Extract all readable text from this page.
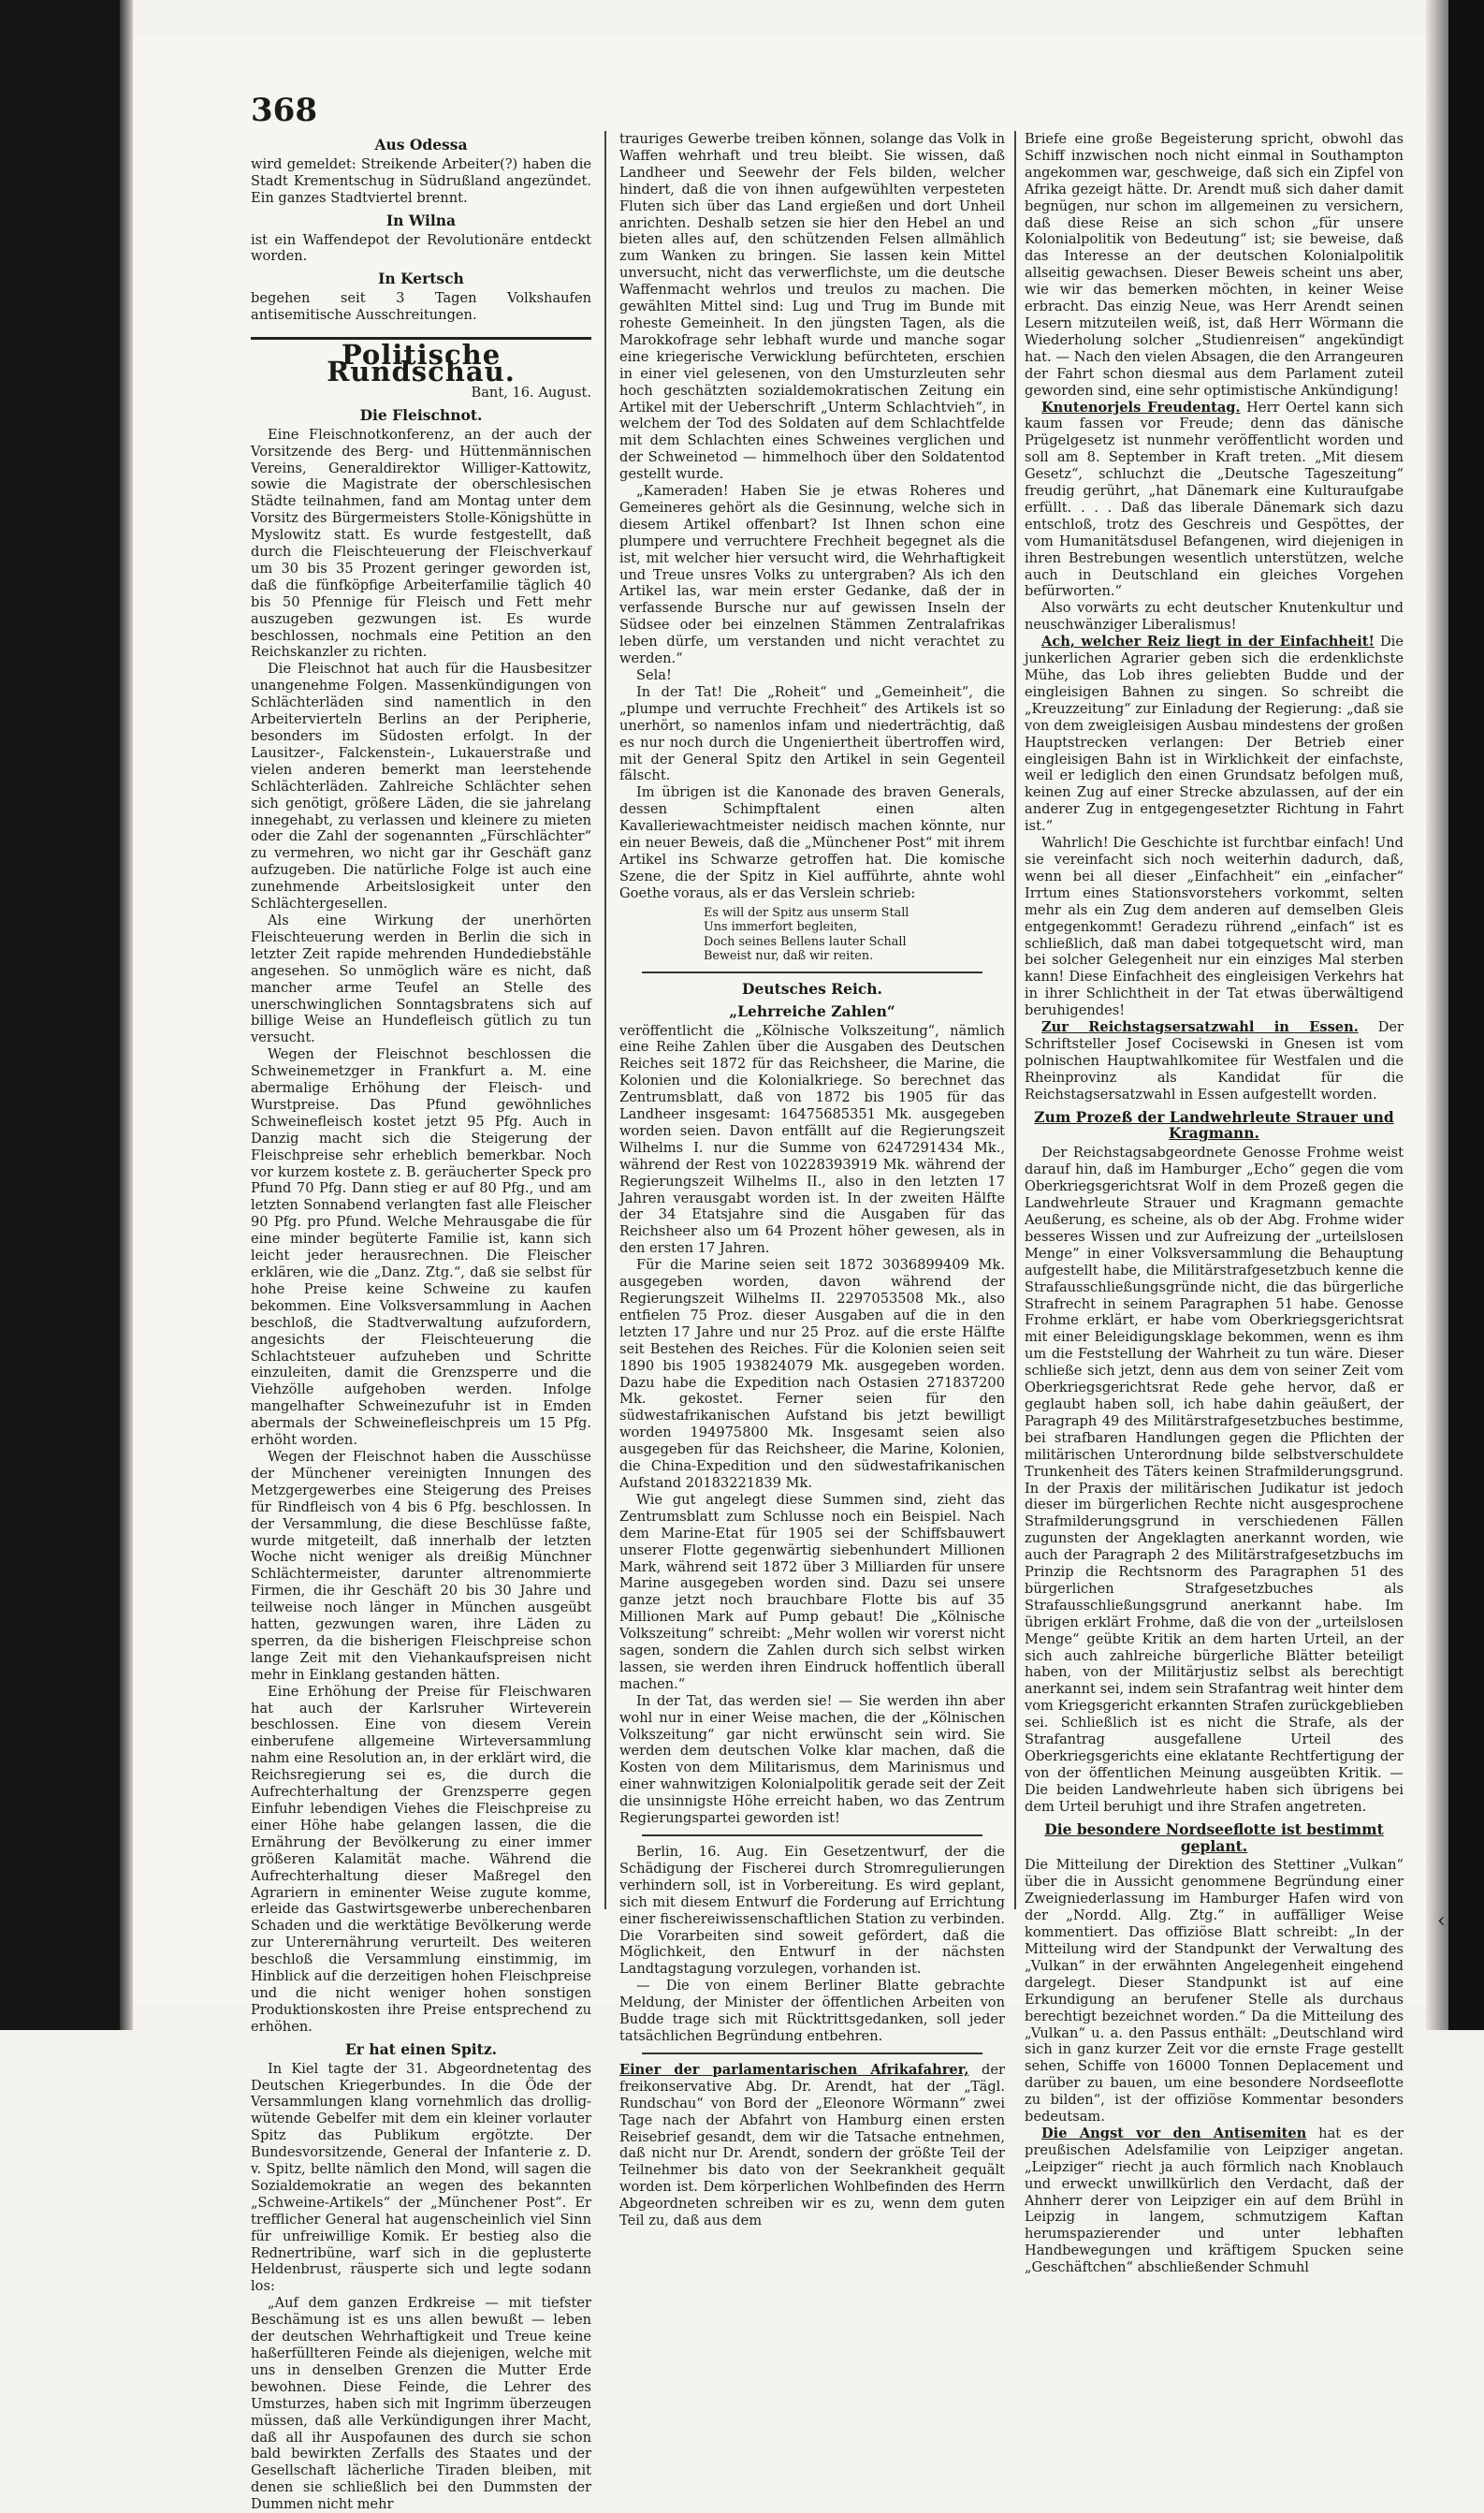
368
Aus Odessa

wird gemeldet: Streikende Arbeiter(?) haben die Stadt Krementschug in Südrußland angezündet. Ein ganzes Stadtviertel brennt.

In Wilna

ist ein Waffendepot der Revolutionäre entdeckt worden.

In Kertsch

begehen seit 3 Tagen Volkshaufen antisemitische Ausschreitungen.

Politische Rundschau.
Bant, 16. August.
Die Fleischnot.

Eine Fleischnotkonferenz, an der auch der Vorsitzende des Berg- und Hüttenmännischen Vereins, Generaldirektor Williger-Kattowitz, sowie die Magistrate der oberschlesischen Städte teilnahmen, fand am Montag unter dem Vorsitz des Bürgermeisters Stolle-Königshütte in Myslowitz statt. Es wurde festgestellt, daß durch die Fleischteuerung der Fleischverkauf um 30 bis 35 Prozent geringer geworden ist, daß die fünfköpfige Arbeiterfamilie täglich 40 bis 50 Pfennige für Fleisch und Fett mehr auszugeben gezwungen ist. Es wurde beschlossen, nochmals eine Petition an den Reichskanzler zu richten.

Die Fleischnot hat auch für die Hausbesitzer unangenehme Folgen. Massenkündigungen von Schlächterläden sind namentlich in den Arbeitervierteln Berlins an der Peripherie, besonders im Südosten erfolgt. In der Lausitzer-, Falckenstein-, Lukauerstraße und vielen anderen bemerkt man leerstehende Schlächterläden. Zahlreiche Schlächter sehen sich genötigt, größere Läden, die sie jahrelang innegehabt, zu verlassen und kleinere zu mieten oder die Zahl der sogenannten „Fürschlächter“ zu vermehren, wo nicht gar ihr Geschäft ganz aufzugeben. Die natürliche Folge ist auch eine zunehmende Arbeitslosigkeit unter den Schlächtergesellen.

Als eine Wirkung der unerhörten Fleischteuerung werden in Berlin die sich in letzter Zeit rapide mehrenden Hundediebstähle angesehen. So unmöglich wäre es nicht, daß mancher arme Teufel an Stelle des unerschwinglichen Sonntagsbratens sich auf billige Weise an Hundefleisch gütlich zu tun versucht.

Wegen der Fleischnot beschlossen die Schweinemetzger in Frankfurt a. M. eine abermalige Erhöhung der Fleisch- und Wurstpreise. Das Pfund gewöhnliches Schweinefleisch kostet jetzt 95 Pfg. Auch in Danzig macht sich die Steigerung der Fleischpreise sehr erheblich bemerkbar. Noch vor kurzem kostete z. B. geräucherter Speck pro Pfund 70 Pfg. Dann stieg er auf 80 Pfg., und am letzten Sonnabend verlangten fast alle Fleischer 90 Pfg. pro Pfund. Welche Mehrausgabe die für eine minder begüterte Familie ist, kann sich leicht jeder herausrechnen. Die Fleischer erklären, wie die „Danz. Ztg.“, daß sie selbst für hohe Preise keine Schweine zu kaufen bekommen. Eine Volksversammlung in Aachen beschloß, die Stadtverwaltung aufzufordern, angesichts der Fleischteuerung die Schlachtsteuer aufzuheben und Schritte einzuleiten, damit die Grenzsperre und die Viehzölle aufgehoben werden. Infolge mangelhafter Schweinezufuhr ist in Emden abermals der Schweinefleischpreis um 15 Pfg. erhöht worden.

Wegen der Fleischnot haben die Ausschüsse der Münchener vereinigten Innungen des Metzgergewerbes eine Steigerung des Preises für Rindfleisch von 4 bis 6 Pfg. beschlossen. In der Versammlung, die diese Beschlüsse faßte, wurde mitgeteilt, daß innerhalb der letzten Woche nicht weniger als dreißig Münchner Schlächtermeister, darunter altrenommierte Firmen, die ihr Geschäft 20 bis 30 Jahre und teilweise noch länger in München ausgeübt hatten, gezwungen waren, ihre Läden zu sperren, da die bisherigen Fleischpreise schon lange Zeit mit den Viehankaufspreisen nicht mehr in Einklang gestanden hätten.

Eine Erhöhung der Preise für Fleischwaren hat auch der Karlsruher Wirteverein beschlossen. Eine von diesem Verein einberufene allgemeine Wirteversammlung nahm eine Resolution an, in der erklärt wird, die Reichsregierung sei es, die durch die Aufrechterhaltung der Grenzsperre gegen Einfuhr lebendigen Viehes die Fleischpreise zu einer Höhe habe gelangen lassen, die die Ernährung der Bevölkerung zu einer immer größeren Kalamität mache. Während die Aufrechterhaltung dieser Maßregel den Agrariern in eminenter Weise zugute komme, erleide das Gastwirtsgewerbe unberechenbaren Schaden und die werktätige Bevölkerung werde zur Unterernährung verurteilt. Des weiteren beschloß die Versammlung einstimmig, im Hinblick auf die derzeitigen hohen Fleischpreise und die nicht weniger hohen sonstigen Produktionskosten ihre Preise entsprechend zu erhöhen.

Er hat einen Spitz.

In Kiel tagte der 31. Abgeordnetentag des Deutschen Kriegerbundes. In die Öde der Versammlungen klang vornehmlich das drollig-wütende Gebelfer mit dem ein kleiner vorlauter Spitz das Publikum ergötzte. Der Bundesvorsitzende, General der Infanterie z. D. v. Spitz, bellte nämlich den Mond, will sagen die Sozialdemokratie an wegen des bekannten „Schweine-Artikels“ der „Münchener Post“. Er trefflicher General hat augenscheinlich viel Sinn für unfreiwillige Komik. Er bestieg also die Rednertribüne, warf sich in die geplusterte Heldenbrust, räusperte sich und legte sodann los:

„Auf dem ganzen Erdkreise — mit tiefster Beschämung ist es uns allen bewußt — leben der deutschen Wehrhaftigkeit und Treue keine haßerfüllteren Feinde als diejenigen, welche mit uns in denselben Grenzen die Mutter Erde bewohnen. Diese Feinde, die Lehrer des Umsturzes, haben sich mit Ingrimm überzeugen müssen, daß alle Verkündigungen ihrer Macht, daß all ihr Auspofaunen des durch sie schon bald bewirkten Zerfalls des Staates und der Gesellschaft lächerliche Tiraden bleiben, mit denen sie schließlich bei den Dummsten der Dummen nicht mehr

trauriges Gewerbe treiben können, solange das Volk in Waffen wehrhaft und treu bleibt. Sie wissen, daß Landheer und Seewehr der Fels bilden, welcher hindert, daß die von ihnen aufgewühlten verpesteten Fluten sich über das Land ergießen und dort Unheil anrichten. Deshalb setzen sie hier den Hebel an und bieten alles auf, den schützenden Felsen allmählich zum Wanken zu bringen. Sie lassen kein Mittel unversucht, nicht das verwerflichste, um die deutsche Waffenmacht wehrlos und treulos zu machen. Die gewählten Mittel sind: Lug und Trug im Bunde mit roheste Gemeinheit. In den jüngsten Tagen, als die Marokkofrage sehr lebhaft wurde und manche sogar eine kriegerische Verwicklung befürchteten, erschien in einer viel gelesenen, von den Umsturzleuten sehr hoch geschätzten sozialdemokratischen Zeitung ein Artikel mit der Ueberschrift „Unterm Schlachtvieh“, in welchem der Tod des Soldaten auf dem Schlachtfelde mit dem Schlachten eines Schweines verglichen und der Schweinetod — himmelhoch über den Soldatentod gestellt wurde.

„Kameraden! Haben Sie je etwas Roheres und Gemeineres gehört als die Gesinnung, welche sich in diesem Artikel offenbart? Ist Ihnen schon eine plumpere und verruchtere Frechheit begegnet als die ist, mit welcher hier versucht wird, die Wehrhaftigkeit und Treue unsres Volks zu untergraben? Als ich den Artikel las, war mein erster Gedanke, daß der in verfassende Bursche nur auf gewissen Inseln der Südsee oder bei einzelnen Stämmen Zentralafrikas leben dürfe, um verstanden und nicht verachtet zu werden.“

Sela!

In der Tat! Die „Roheit“ und „Gemeinheit“, die „plumpe und verruchte Frechheit“ des Artikels ist so unerhört, so namenlos infam und niederträchtig, daß es nur noch durch die Ungeniertheit übertroffen wird, mit der General Spitz den Artikel in sein Gegenteil fälscht.

Im übrigen ist die Kanonade des braven Generals, dessen Schimpftalent einen alten Kavalleriewachtmeister neidisch machen könnte, nur ein neuer Beweis, daß die „Münchener Post“ mit ihrem Artikel ins Schwarze getroffen hat. Die komische Szene, die der Spitz in Kiel aufführte, ahnte wohl Goethe voraus, als er das Verslein schrieb:

Es will der Spitz aus unserm Stall
Uns immerfort begleiten,
Doch seines Bellens lauter Schall
Beweist nur, daß wir reiten.
Deutsches Reich.
„Lehrreiche Zahlen“

veröffentlicht die „Kölnische Volkszeitung“, nämlich eine Reihe Zahlen über die Ausgaben des Deutschen Reiches seit 1872 für das Reichsheer, die Marine, die Kolonien und die Kolonialkriege. So berechnet das Zentrumsblatt, daß von 1872 bis 1905 für das Landheer insgesamt: 16475685351 Mk. ausgegeben worden seien. Davon entfällt auf die Regierungszeit Wilhelms I. nur die Summe von 6247291434 Mk., während der Rest von 10228393919 Mk. während der Regierungszeit Wilhelms II., also in den letzten 17 Jahren verausgabt worden ist. In der zweiten Hälfte der 34 Etatsjahre sind die Ausgaben für das Reichsheer also um 64 Prozent höher gewesen, als in den ersten 17 Jahren.

Für die Marine seien seit 1872 3036899409 Mk. ausgegeben worden, davon während der Regierungszeit Wilhelms II. 2297053508 Mk., also entfielen 75 Proz. dieser Ausgaben auf die in den letzten 17 Jahre und nur 25 Proz. auf die erste Hälfte seit Bestehen des Reiches. Für die Kolonien seien seit 1890 bis 1905 193824079 Mk. ausgegeben worden. Dazu habe die Expedition nach Ostasien 271837200 Mk. gekostet. Ferner seien für den südwestafrikanischen Aufstand bis jetzt bewilligt worden 194975800 Mk. Insgesamt seien also ausgegeben für das Reichsheer, die Marine, Kolonien, die China-Expedition und den südwestafrikanischen Aufstand 20183221839 Mk.

Wie gut angelegt diese Summen sind, zieht das Zentrumsblatt zum Schlusse noch ein Beispiel. Nach dem Marine-Etat für 1905 sei der Schiffsbauwert unserer Flotte gegenwärtig siebenhundert Millionen Mark, während seit 1872 über 3 Milliarden für unsere Marine ausgegeben worden sind. Dazu sei unsere ganze jetzt noch brauchbare Flotte bis auf 35 Millionen Mark auf Pump gebaut! Die „Kölnische Volkszeitung“ schreibt: „Mehr wollen wir vorerst nicht sagen, sondern die Zahlen durch sich selbst wirken lassen, sie werden ihren Eindruck hoffentlich überall machen.“

In der Tat, das werden sie! — Sie werden ihn aber wohl nur in einer Weise machen, die der „Kölnischen Volkszeitung“ gar nicht erwünscht sein wird. Sie werden dem deutschen Volke klar machen, daß die Kosten von dem Militarismus, dem Marinismus und einer wahnwitzigen Kolonialpolitik gerade seit der Zeit die unsinnigste Höhe erreicht haben, wo das Zentrum Regierungspartei geworden ist!

Berlin, 16. Aug. Ein Gesetzentwurf, der die Schädigung der Fischerei durch Stromregulierungen verhindern soll, ist in Vorbereitung. Es wird geplant, sich mit diesem Entwurf die Forderung auf Errichtung einer fischereiwissenschaftlichen Station zu verbinden. Die Vorarbeiten sind soweit gefördert, daß die Möglichkeit, den Entwurf in der nächsten Landtagstagung vorzulegen, vorhanden ist.

— Die von einem Berliner Blatte gebrachte Meldung, der Minister der öffentlichen Arbeiten von Budde trage sich mit Rücktrittsgedanken, soll jeder tatsächlichen Begründung entbehren.

Einer der parlamentarischen Afrikafahrer, der freikonservative Abg. Dr. Arendt, hat der „Tägl. Rundschau“ von Bord der „Eleonore Wörmann“ zwei Tage nach der Abfahrt von Hamburg einen ersten Reisebrief gesandt, dem wir die Tatsache entnehmen, daß nicht nur Dr. Arendt, sondern der größte Teil der Teilnehmer bis dato von der Seekrankheit gequält worden ist. Dem körperlichen Wohlbefinden des Herrn Abgeordneten schreiben wir es zu, wenn dem guten Teil zu, daß aus dem

Briefe eine große Begeisterung spricht, obwohl das Schiff inzwischen noch nicht einmal in Southampton angekommen war, geschweige, daß sich ein Zipfel von Afrika gezeigt hätte. Dr. Arendt muß sich daher damit begnügen, nur schon im allgemeinen zu versichern, daß diese Reise an sich schon „für unsere Kolonialpolitik von Bedeutung“ ist; sie beweise, daß das Interesse an der deutschen Kolonialpolitik allseitig gewachsen. Dieser Beweis scheint uns aber, wie wir das bemerken möchten, in keiner Weise erbracht. Das einzig Neue, was Herr Arendt seinen Lesern mitzuteilen weiß, ist, daß Herr Wörmann die Wiederholung solcher „Studienreisen“ angekündigt hat. — Nach den vielen Absagen, die den Arrangeuren der Fahrt schon diesmal aus dem Parlament zuteil geworden sind, eine sehr optimistische Ankündigung!

Knutenorjels Freudentag. Herr Oertel kann sich kaum fassen vor Freude; denn das dänische Prügelgesetz ist nunmehr veröffentlicht worden und soll am 8. September in Kraft treten. „Mit diesem Gesetz“, schluchzt die „Deutsche Tageszeitung“ freudig gerührt, „hat Dänemark eine Kulturaufgabe erfüllt. . . . Daß das liberale Dänemark sich dazu entschloß, trotz des Geschreis und Gespöttes, der vom Humanitätsdusel Befangenen, wird diejenigen in ihren Bestrebungen wesentlich unterstützen, welche auch in Deutschland ein gleiches Vorgehen befürworten.“

Also vorwärts zu echt deutscher Knutenkultur und neuschwänziger Liberalismus!

Ach, welcher Reiz liegt in der Einfachheit! Die junkerlichen Agrarier geben sich die erdenklichste Mühe, das Lob ihres geliebten Budde und der eingleisigen Bahnen zu singen. So schreibt die „Kreuzzeitung“ zur Einladung der Regierung: „daß sie von dem zweigleisigen Ausbau mindestens der großen Hauptstrecken verlangen: Der Betrieb einer eingleisigen Bahn ist in Wirklichkeit der einfachste, weil er lediglich den einen Grundsatz befolgen muß, keinen Zug auf einer Strecke abzulassen, auf der ein anderer Zug in entgegengesetzter Richtung in Fahrt ist.“

Wahrlich! Die Geschichte ist furchtbar einfach! Und sie vereinfacht sich noch weiterhin dadurch, daß, wenn bei all dieser „Einfachheit“ ein „einfacher“ Irrtum eines Stationsvorstehers vorkommt, selten mehr als ein Zug dem anderen auf demselben Gleis entgegenkommt! Geradezu rührend „einfach“ ist es schließlich, daß man dabei totgequetscht wird, man bei solcher Gelegenheit nur ein einziges Mal sterben kann! Diese Einfachheit des eingleisigen Verkehrs hat in ihrer Schlichtheit in der Tat etwas überwältigend beruhigendes!

Zur Reichstagsersatzwahl in Essen. Der Schriftsteller Josef Cocisewski in Gnesen ist vom polnischen Hauptwahlkomitee für Westfalen und die Rheinprovinz als Kandidat für die Reichstagsersatzwahl in Essen aufgestellt worden.

Zum Prozeß der Landwehrleute Strauer und Kragmann.

Der Reichstagsabgeordnete Genosse Frohme weist darauf hin, daß im Hamburger „Echo“ gegen die vom Oberkriegsgerichtsrat Wolf in dem Prozeß gegen die Landwehrleute Strauer und Kragmann gemachte Aeußerung, es scheine, als ob der Abg. Frohme wider besseres Wissen und zur Aufreizung der „urteilslosen Menge“ in einer Volksversammlung die Behauptung aufgestellt habe, die Militärstrafgesetzbuch kenne die Strafausschließungsgründe nicht, die das bürgerliche Strafrecht in seinem Paragraphen 51 habe. Genosse Frohme erklärt, er habe vom Oberkriegsgerichtsrat mit einer Beleidigungsklage bekommen, wenn es ihm um die Feststellung der Wahrheit zu tun wäre. Dieser schließe sich jetzt, denn aus dem von seiner Zeit vom Oberkriegsgerichtsrat Rede gehe hervor, daß er geglaubt haben soll, ich habe dahin geäußert, der Paragraph 49 des Militärstrafgesetzbuches bestimme, bei strafbaren Handlungen gegen die Pflichten der militärischen Unterordnung bilde selbstverschuldete Trunkenheit des Täters keinen Strafmilderungsgrund. In der Praxis der militärischen Judikatur ist jedoch dieser im bürgerlichen Rechte nicht ausgesprochene Strafmilderungsgrund in verschiedenen Fällen zugunsten der Angeklagten anerkannt worden, wie auch der Paragraph 2 des Militärstrafgesetzbuchs im Prinzip die Rechtsnorm des Paragraphen 51 des bürgerlichen Strafgesetzbuches als Strafausschließungsgrund anerkannt habe. Im übrigen erklärt Frohme, daß die von der „urteilslosen Menge“ geübte Kritik an dem harten Urteil, an der sich auch zahlreiche bürgerliche Blätter beteiligt haben, von der Militärjustiz selbst als berechtigt anerkannt sei, indem sein Strafantrag weit hinter dem vom Kriegsgericht erkannten Strafen zurückgeblieben sei. Schließlich ist es nicht die Strafe, als der Strafantrag ausgefallene Urteil des Oberkriegsgerichts eine eklatante Rechtfertigung der von der öffentlichen Meinung ausgeübten Kritik. — Die beiden Landwehrleute haben sich übrigens bei dem Urteil beruhigt und ihre Strafen angetreten.

Die besondere Nordseeflotte ist bestimmt geplant.

Die Mitteilung der Direktion des Stettiner „Vulkan“ über die in Aussicht genommene Begründung einer Zweigniederlassung im Hamburger Hafen wird von der „Nordd. Allg. Ztg.“ in auffälliger Weise kommentiert. Das offiziöse Blatt schreibt: „In der Mitteilung wird der Standpunkt der Verwaltung des „Vulkan“ in der erwähnten Angelegenheit eingehend dargelegt. Dieser Standpunkt ist auf eine Erkundigung an berufener Stelle als durchaus berechtigt bezeichnet worden.“ Da die Mitteilung des „Vulkan“ u. a. den Passus enthält: „Deutschland wird sich in ganz kurzer Zeit vor die ernste Frage gestellt sehen, Schiffe von 16000 Tonnen Deplacement und darüber zu bauen, um eine besondere Nordseeflotte zu bilden“, ist der offiziöse Kommentar besonders bedeutsam.

Die Angst vor den Antisemiten hat es der preußischen Adelsfamilie von Leipziger angetan. „Leipziger“ riecht ja auch förmlich nach Knoblauch und erweckt unwillkürlich den Verdacht, daß der Ahnherr derer von Leipziger ein auf dem Brühl in Leipzig in langem, schmutzigem Kaftan herumspazierender und unter lebhaften Handbewegungen und kräftigem Spucken seine „Geschäftchen“ abschließender Schmuhl

‹
